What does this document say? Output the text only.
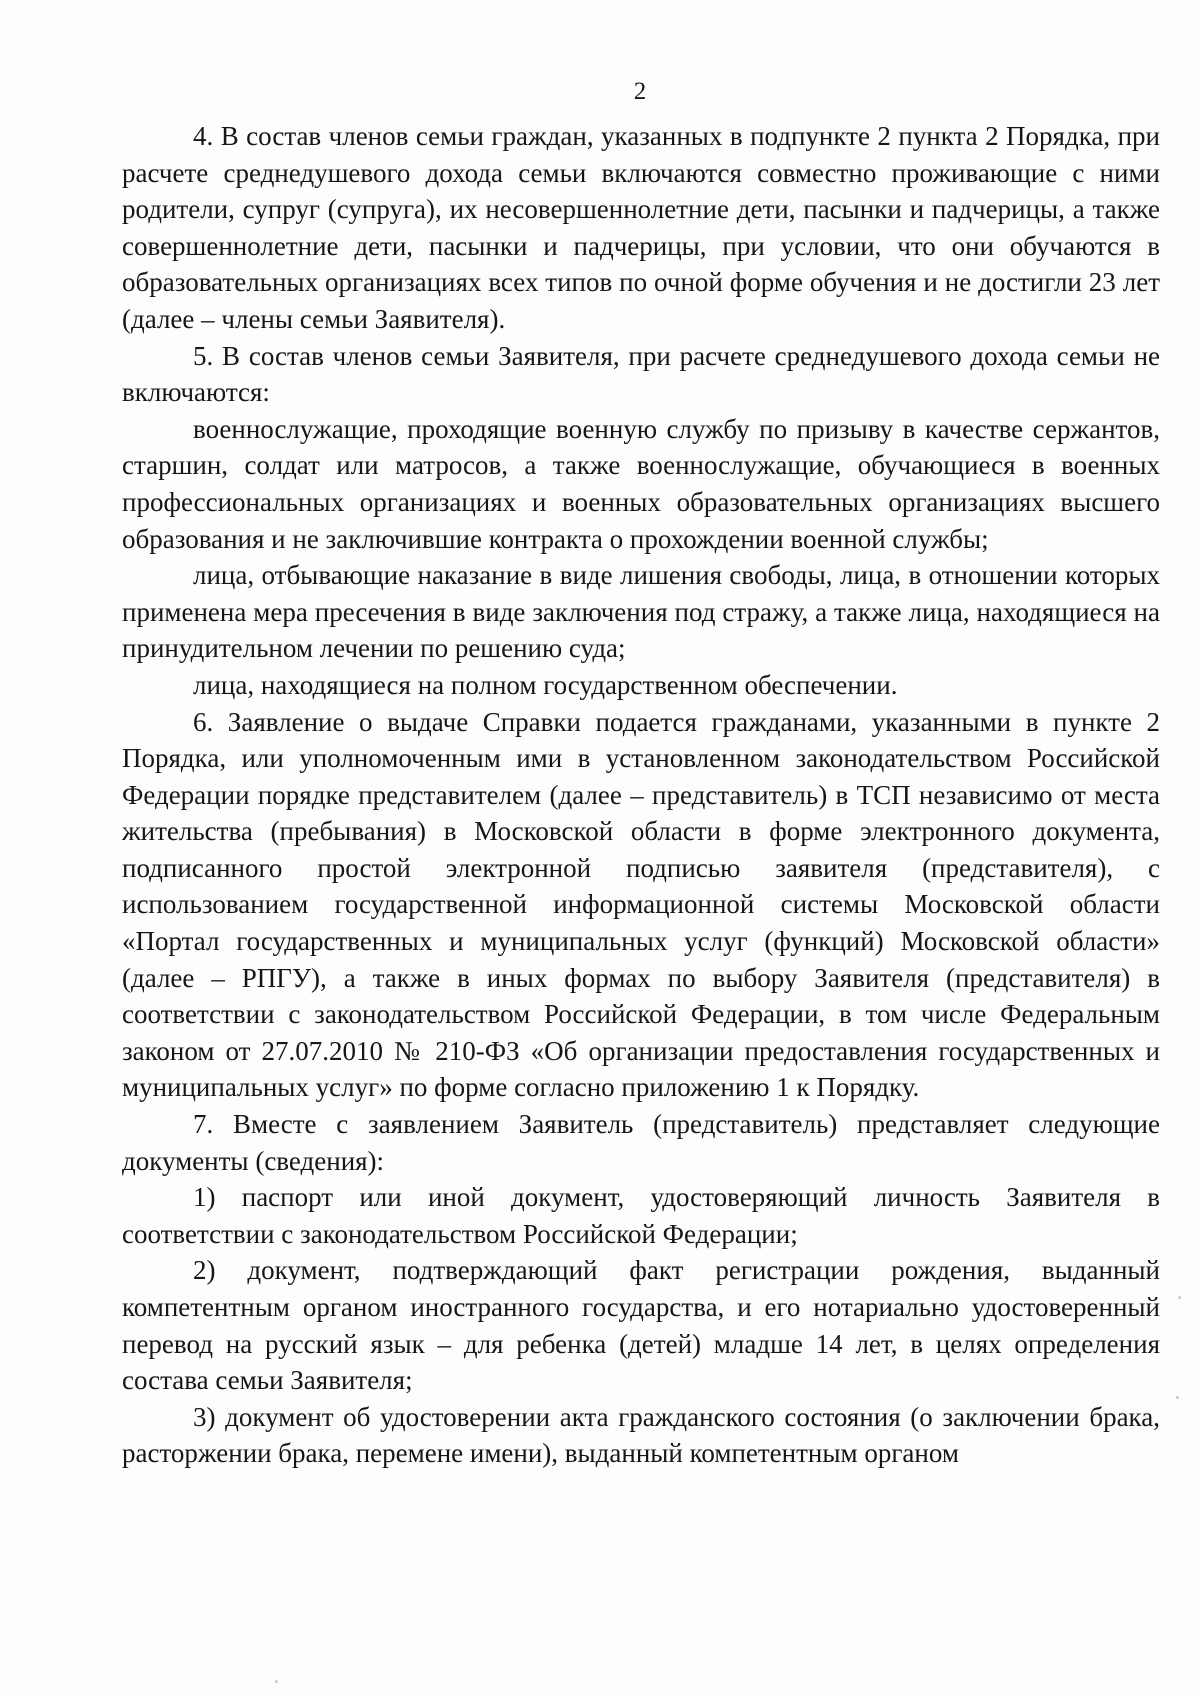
2

4. В состав членов семьи граждан, указанных в подпункте 2 пункта 2 Порядка, при расчете среднедушевого дохода семьи включаются совместно проживающие с ними родители, супруг (супруга), их несовершеннолетние дети, пасынки и падчерицы, а также совершеннолетние дети, пасынки и падчерицы, при условии, что они обучаются в образовательных организациях всех типов по очной форме обучения и не достигли 23 лет (далее – члены семьи Заявителя).

5. В состав членов семьи Заявителя, при расчете среднедушевого дохода семьи не включаются:

военнослужащие, проходящие военную службу по призыву в качестве сержантов, старшин, солдат или матросов, а также военнослужащие, обучающиеся в военных профессиональных организациях и военных образовательных организациях высшего образования и не заключившие контракта о прохождении военной службы;

лица, отбывающие наказание в виде лишения свободы, лица, в отношении которых применена мера пресечения в виде заключения под стражу, а также лица, находящиеся на принудительном лечении по решению суда;

лица, находящиеся на полном государственном обеспечении.

6. Заявление о выдаче Справки подается гражданами, указанными в пункте 2 Порядка, или уполномоченным ими в установленном законодательством Российской Федерации порядке представителем (далее – представитель) в ТСП независимо от места жительства (пребывания) в Московской области в форме электронного документа, подписанного простой электронной подписью заявителя (представителя), с использованием государственной информационной системы Московской области «Портал государственных и муниципальных услуг (функций) Московской области» (далее – РПГУ), а также в иных формах по выбору Заявителя (представителя) в соответствии с законодательством Российской Федерации, в том числе Федеральным законом от 27.07.2010 № 210-ФЗ «Об организации предоставления государственных и муниципальных услуг» по форме согласно приложению 1 к Порядку.

7. Вместе с заявлением Заявитель (представитель) представляет следующие документы (сведения):

1) паспорт или иной документ, удостоверяющий личность Заявителя в соответствии с законодательством Российской Федерации;

2) документ, подтверждающий факт регистрации рождения, выданный компетентным органом иностранного государства, и его нотариально удостоверенный перевод на русский язык – для ребенка (детей) младше 14 лет, в целях определения состава семьи Заявителя;

3) документ об удостоверении акта гражданского состояния (о заключении брака, расторжении брака, перемене имени), выданный компетентным органом
